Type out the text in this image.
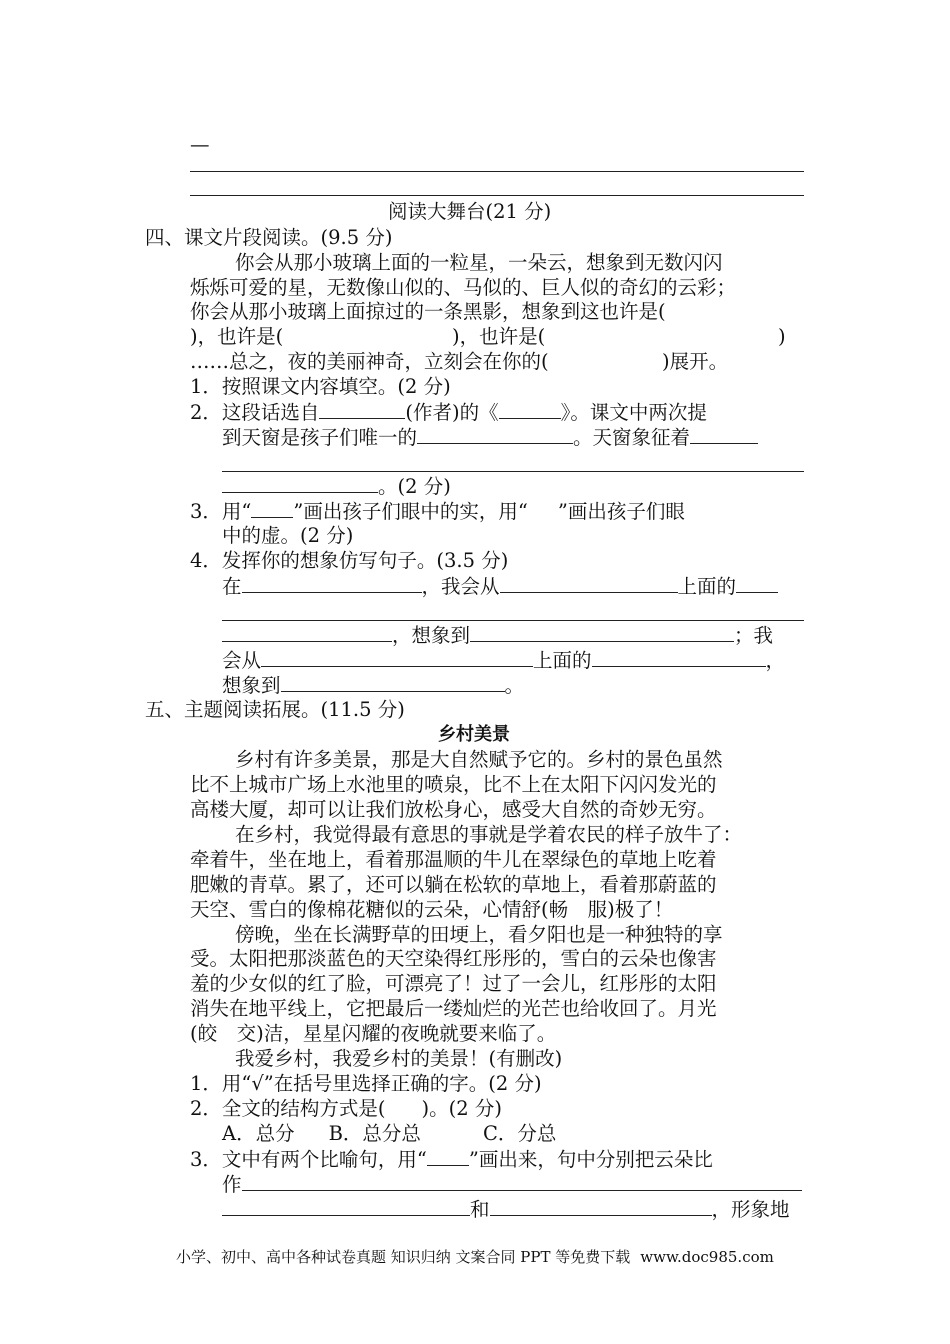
—
阅读大舞台(21 分)
四、课文片段阅读。(9.5 分)
你会从那小玻璃上面的一粒星，一朵云，想象到无数闪闪
烁烁可爱的星，无数像山似的、马似的、巨人似的奇幻的云彩；
你会从那小玻璃上面掠过的一条黑影，想象到这也许是(
)，也许是(	)，也许是(	)
……总之，夜的美丽神奇，立刻会在你的(	)展开。
1．按照课文内容填空。(2 分)
2．这段话选自	(作者)的《	》。课文中两次提
到天窗是孩子们唯一的	。天窗象征着
。(2 分)
3．用“ ”画出孩子们眼中的实，用“ ”画出孩子们眼
中的虚。(2 分)
4．发挥你的想象仿写句子。(3.5 分)
在	，我会从	上面的
，想象到	；我
会从	上面的	，
想象到	。
五、主题阅读拓展。(11.5 分)
乡村美景
乡村有许多美景，那是大自然赋予它的。乡村的景色虽然
比不上城市广场上水池里的喷泉，比不上在太阳下闪闪发光的
高楼大厦，却可以让我们放松身心，感受大自然的奇妙无穷。
在乡村，我觉得最有意思的事就是学着农民的样子放牛了：
牵着牛，坐在地上，看着那温顺的牛儿在翠绿色的草地上吃着
肥嫩的青草。累了，还可以躺在松软的草地上，看着那蔚蓝的
天空、雪白的像棉花糖似的云朵，心情舒(畅　服)极了！
傍晚，坐在长满野草的田埂上，看夕阳也是一种独特的享
受。太阳把那淡蓝色的天空染得红彤彤的，雪白的云朵也像害
羞的少女似的红了脸，可漂亮了！过了一会儿，红彤彤的太阳
消失在地平线上，它把最后一缕灿烂的光芒也给收回了。月光
(皎　交)洁，星星闪耀的夜晚就要来临了。
我爱乡村，我爱乡村的美景！(有删改)
1．用“√”在括号里选择正确的字。(2 分)
2．全文的结构方式是( )。(2 分)
A．总分 B．总分总	C．分总
3．文中有两个比喻句，用“ ”画出来，句中分别把云朵比
作
和	，形象地
小学、初中、高中各种试卷真题 知识归纳 文案合同 PPT 等免费下载 www.doc985.com
